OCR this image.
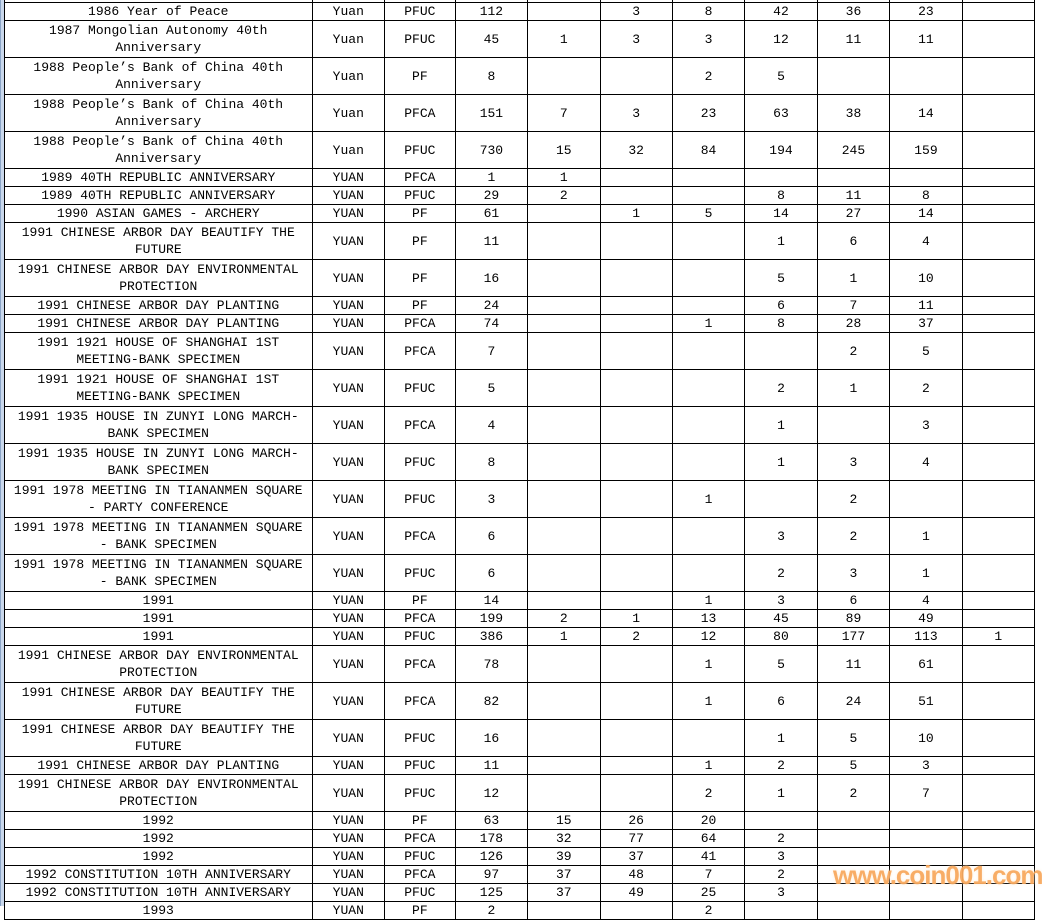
1986 Year of Peace	Yuan	PFUC	112		3	8	42	36	23	
1987 Mongolian Autonomy 40th Anniversary	Yuan	PFUC	45	1	3	3	12	11	11	
1988 People’s Bank of China 40th Anniversary	Yuan	PF	8			2	5			
1988 People’s Bank of China 40th Anniversary	Yuan	PFCA	151	7	3	23	63	38	14	
1988 People’s Bank of China 40th Anniversary	Yuan	PFUC	730	15	32	84	194	245	159	
1989 40TH REPUBLIC ANNIVERSARY	YUAN	PFCA	1	1						
1989 40TH REPUBLIC ANNIVERSARY	YUAN	PFUC	29	2			8	11	8	
1990 ASIAN GAMES - ARCHERY	YUAN	PF	61		1	5	14	27	14	
1991 CHINESE ARBOR DAY BEAUTIFY THE FUTURE	YUAN	PF	11				1	6	4	
1991 CHINESE ARBOR DAY ENVIRONMENTAL PROTECTION	YUAN	PF	16				5	1	10	
1991 CHINESE ARBOR DAY PLANTING	YUAN	PF	24				6	7	11	
1991 CHINESE ARBOR DAY PLANTING	YUAN	PFCA	74			1	8	28	37	
1991 1921 HOUSE OF SHANGHAI 1ST MEETING-BANK SPECIMEN	YUAN	PFCA	7					2	5	
1991 1921 HOUSE OF SHANGHAI 1ST MEETING-BANK SPECIMEN	YUAN	PFUC	5				2	1	2	
1991 1935 HOUSE IN ZUNYI LONG MARCH-BANK SPECIMEN	YUAN	PFCA	4				1		3	
1991 1935 HOUSE IN ZUNYI LONG MARCH-BANK SPECIMEN	YUAN	PFUC	8				1	3	4	
1991 1978 MEETING IN TIANANMEN SQUARE - PARTY CONFERENCE	YUAN	PFUC	3			1		2		
1991 1978 MEETING IN TIANANMEN SQUARE - BANK SPECIMEN	YUAN	PFCA	6				3	2	1	
1991 1978 MEETING IN TIANANMEN SQUARE - BANK SPECIMEN	YUAN	PFUC	6				2	3	1	
1991	YUAN	PF	14			1	3	6	4	
1991	YUAN	PFCA	199	2	1	13	45	89	49	
1991	YUAN	PFUC	386	1	2	12	80	177	113	1
1991 CHINESE ARBOR DAY ENVIRONMENTAL PROTECTION	YUAN	PFCA	78			1	5	11	61	
1991 CHINESE ARBOR DAY BEAUTIFY THE FUTURE	YUAN	PFCA	82			1	6	24	51	
1991 CHINESE ARBOR DAY BEAUTIFY THE FUTURE	YUAN	PFUC	16				1	5	10	
1991 CHINESE ARBOR DAY PLANTING	YUAN	PFUC	11			1	2	5	3	
1991 CHINESE ARBOR DAY ENVIRONMENTAL PROTECTION	YUAN	PFUC	12			2	1	2	7	
1992	YUAN	PF	63	15	26	20				
1992	YUAN	PFCA	178	32	77	64	2			
1992	YUAN	PFUC	126	39	37	41	3			
1992 CONSTITUTION 10TH ANNIVERSARY	YUAN	PFCA	97	37	48	7	2			
1992 CONSTITUTION 10TH ANNIVERSARY	YUAN	PFUC	125	37	49	25	3			
1993	YUAN	PF	2			2				
www.coin001.com
